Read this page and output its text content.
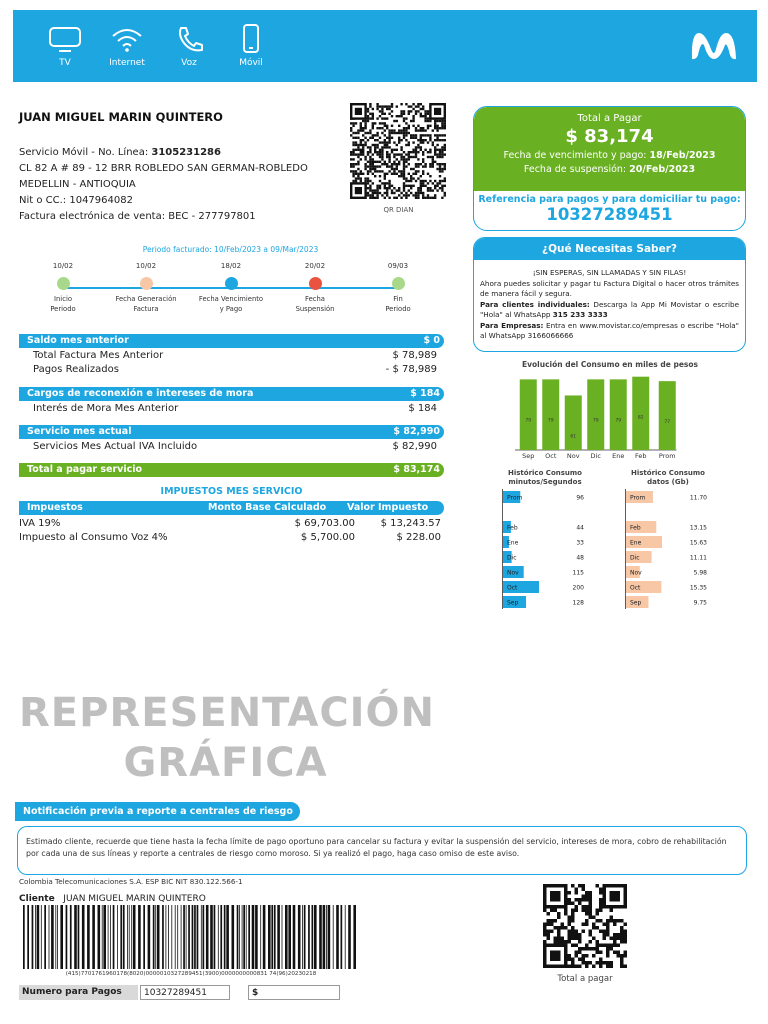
TV	Internet	Voz	Móvil
JUAN MIGUEL MARIN QUINTERO
Servicio Móvil - No. Línea: 3105231286
CL 82 A # 89 - 12 BRR ROBLEDO SAN GERMAN-ROBLEDO
MEDELLIN - ANTIOQUIA
Nit o CC.: 1047964082
Factura electrónica de venta: BEC - 277797801
QR DIAN
Total a Pagar
$ 83,174
Fecha de vencimiento y pago: 18/Feb/2023
Fecha de suspensión: 20/Feb/2023
Referencia para pagos y para domiciliar tu pago:
10327289451
¿Qué Necesitas Saber?
¡SIN ESPERAS, SIN LLAMADAS Y SIN FILAS!
Ahora puedes solicitar y pagar tu Factura Digital o hacer otros trámites de manera fácil y segura.
Para clientes individuales: Descarga la App Mi Movistar o escribe "Hola" al WhatsApp 315 233 3333
Para Empresas: Entra en www.movistar.co/empresas o escribe "Hola" al WhatsApp 3166066666
Periodo facturado: 10/Feb/2023 a 09/Mar/2023
10/02
Inicio
Periodo
10/02
Fecha Generación
Factura
18/02
Fecha Vencimiento
y Pago
20/02
Fecha
Suspensión
09/03
Fin
Periodo
Saldo mes anterior	$ 0
Total Factura Mes Anterior	$ 78,989
Pagos Realizados	- $ 78,989
Cargos de reconexión e intereses de mora	$ 184
Interés de Mora Mes Anterior	$ 184
Servicio mes actual	$ 82,990
Servicios Mes Actual IVA Incluido	$ 82,990
Total a pagar servicio	$ 83,174
IMPUESTOS MES SERVICIO
Impuestos	Monto Base Calculado Valor Impuesto
IVA 19%	$ 69,703.00	$ 13,243.57
Impuesto al Consumo Voz 4%	$ 5,700.00	$ 228.00
Evolución del Consumo en miles de pesos
79
Sep
79
Oct
61
Nov
79
Dic
79
Ene
82
Feb
77
Prom
Histórico Consumo minutos/Segundos
Prom	96
Feb	44
Ene	33
Dic	48
Nov	115
Oct	200
Sep	128
Histórico Consumo datos (Gb)
Prom	11.70
Feb	13.15
Ene	15.63
Dic	11.11
Nov	5.98
Oct	15.35
Sep	9.75
REPRESENTACIÓN
GRÁFICA
Notificación previa a reporte a centrales de riesgo
Estimado cliente, recuerde que tiene hasta la fecha límite de pago oportuno para cancelar su factura y evitar la suspensión del servicio, intereses de mora, cobro de rehabilitación por cada una de sus líneas y reporte a centrales de riesgo como moroso. Si ya realizó el pago, haga caso omiso de este aviso.
Colombia Telecomunicaciones S.A. ESP BIC NIT 830.122.566-1
Cliente JUAN MIGUEL MARIN QUINTERO
(415)7701761960178(8020)0000010327289451(3900)0000000000831 74(96)20230218
Numero para Pagos	10327289451	$
Total a pagar
